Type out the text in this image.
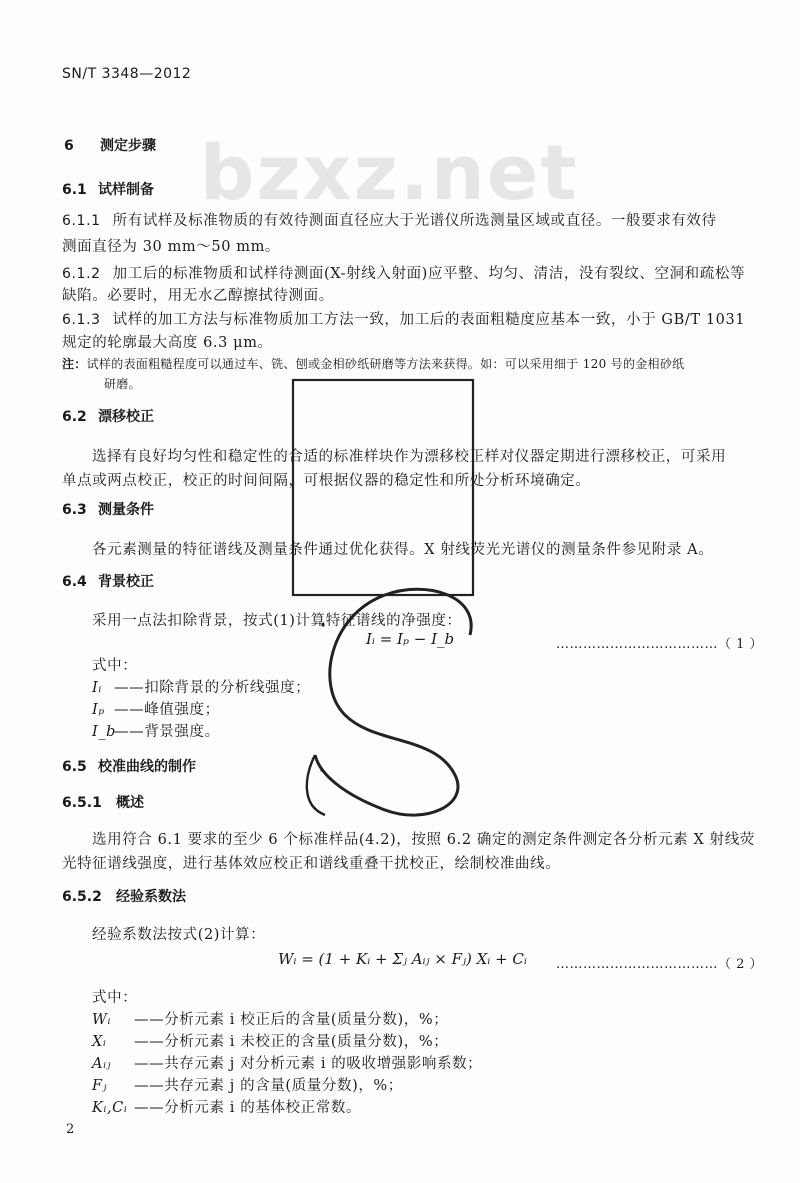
bzxz.net
SN/T 3348—2012
6 测定步骤
6.1 试样制备
6.1.1 所有试样及标准物质的有效待测面直径应大于光谱仪所选测量区域或直径。一般要求有效待
测面直径为 30 mm～50 mm。
6.1.2 加工后的标准物质和试样待测面(X-射线入射面)应平整、均匀、清洁，没有裂纹、空洞和疏松等
缺陷。必要时，用无水乙醇擦拭待测面。
6.1.3 试样的加工方法与标准物质加工方法一致，加工后的表面粗糙度应基本一致，小于 GB/T 1031
规定的轮廓最大高度 6.3 μm。
注：试样的表面粗糙程度可以通过车、铣、刨或金相砂纸研磨等方法来获得。如：可以采用细于 120 号的金相砂纸
研磨。
6.2 漂移校正
选择有良好均匀性和稳定性的合适的标准样块作为漂移校正样对仪器定期进行漂移校正，可采用
单点或两点校正，校正的时间间隔，可根据仪器的稳定性和所处分析环境确定。
6.3 测量条件
各元素测量的特征谱线及测量条件通过优化获得。X 射线荧光光谱仪的测量条件参见附录 A。
6.4 背景校正
采用一点法扣除背景，按式(1)计算特征谱线的净强度：
Iᵢ = Iₚ − I_b	………………………………（ 1 ）
式中：
Iᵢ ——扣除背景的分析线强度；
Iₚ ——峰值强度；
I_b——背景强度。
6.5 校准曲线的制作
6.5.1 概述
选用符合 6.1 要求的至少 6 个标准样品(4.2)，按照 6.2 确定的测定条件测定各分析元素 X 射线荧
光特征谱线强度，进行基体效应校正和谱线重叠干扰校正，绘制校准曲线。
6.5.2 经验系数法
经验系数法按式(2)计算：
Wᵢ = (1 + Kᵢ + Σⱼ Aᵢⱼ × Fⱼ) Xᵢ + Cᵢ ………………………………（ 2 ）
式中：
Wᵢ ——分析元素 i 校正后的含量(质量分数)，%；
Xᵢ ——分析元素 i 未校正的含量(质量分数)，%；
Aᵢⱼ ——共存元素 j 对分析元素 i 的吸收增强影响系数；
Fⱼ ——共存元素 j 的含量(质量分数)，%；
Kᵢ,Cᵢ ——分析元素 i 的基体校正常数。
2
